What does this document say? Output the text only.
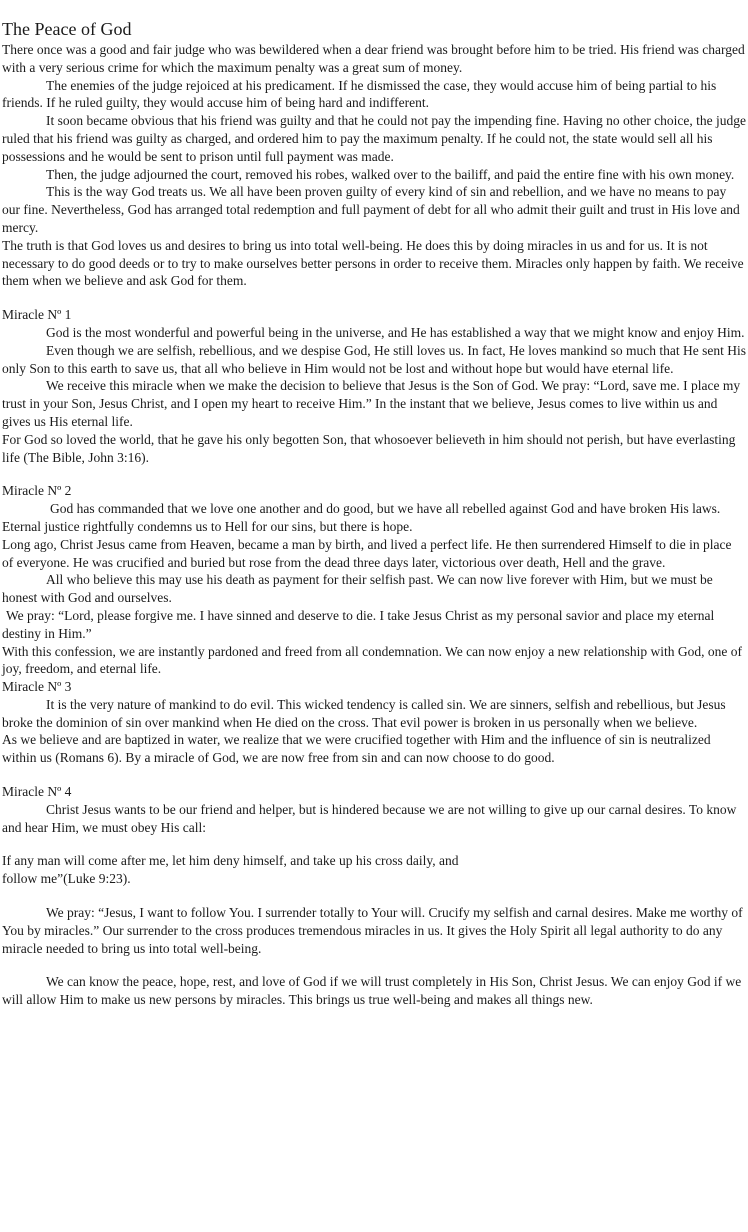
The Peace of God

There once was a good and fair judge who was bewildered when a dear friend was brought before him to be tried. His friend was charged with a very serious crime for which the maximum penalty was a great sum of money.

The enemies of the judge rejoiced at his predicament. If he dismissed the case, they would accuse him of being partial to his friends. If he ruled guilty, they would accuse him of being hard and indifferent.

It soon became obvious that his friend was guilty and that he could not pay the impending fine. Having no other choice, the judge ruled that his friend was guilty as charged, and ordered him to pay the maximum penalty. If he could not, the state would sell all his possessions and he would be sent to prison until full payment was made.

Then, the judge adjourned the court, removed his robes, walked over to the bailiff, and paid the entire fine with his own money.

This is the way God treats us. We all have been proven guilty of every kind of sin and rebellion, and we have no means to pay our fine. Nevertheless, God has arranged total redemption and full payment of debt for all who admit their guilt and trust in His love and mercy.

The truth is that God loves us and desires to bring us into total well-being. He does this by doing miracles in us and for us. It is not necessary to do good deeds or to try to make ourselves better persons in order to receive them. Miracles only happen by faith. We receive them when we believe and ask God for them.

Miracle Nº 1

God is the most wonderful and powerful being in the universe, and He has established a way that we might know and enjoy Him.

Even though we are selfish, rebellious, and we despise God, He still loves us. In fact, He loves mankind so much that He sent His only Son to this earth to save us, that all who believe in Him would not be lost and without hope but would have eternal life.

We receive this miracle when we make the decision to believe that Jesus is the Son of God. We pray: “Lord, save me. I place my trust in your Son, Jesus Christ, and I open my heart to receive Him.” In the instant that we believe, Jesus comes to live within us and gives us His eternal life.

For God so loved the world, that he gave his only begotten Son, that whosoever believeth in him should not perish, but have everlasting life (The Bible, John 3:16).

Miracle Nº 2

God has commanded that we love one another and do good, but we have all rebelled against God and have broken His laws. Eternal justice rightfully condemns us to Hell for our sins, but there is hope.

Long ago, Christ Jesus came from Heaven, became a man by birth, and lived a perfect life. He then surrendered Himself to die in place of everyone. He was crucified and buried but rose from the dead three days later, victorious over death, Hell and the grave.

All who believe this may use his death as payment for their selfish past. We can now live forever with Him, but we must be honest with God and ourselves.

We pray: “Lord, please forgive me. I have sinned and deserve to die. I take Jesus Christ as my personal savior and place my eternal destiny in Him.”

With this confession, we are instantly pardoned and freed from all condemnation. We can now enjoy a new relationship with God, one of joy, freedom, and eternal life.

Miracle Nº 3

It is the very nature of mankind to do evil. This wicked tendency is called sin. We are sinners, selfish and rebellious, but Jesus broke the dominion of sin over mankind when He died on the cross. That evil power is broken in us personally when we believe.

As we believe and are baptized in water, we realize that we were crucified together with Him and the influence of sin is neutralized within us (Romans 6). By a miracle of God, we are now free from sin and can now choose to do good.

Miracle Nº 4

Christ Jesus wants to be our friend and helper, but is hindered because we are not willing to give up our carnal desires. To know and hear Him, we must obey His call:

If any man will come after me, let him deny himself, and take up his cross daily, and

follow me”(Luke 9:23).

We pray: “Jesus, I want to follow You. I surrender totally to Your will. Crucify my selfish and carnal desires. Make me worthy of You by miracles.” Our surrender to the cross produces tremendous miracles in us. It gives the Holy Spirit all legal authority to do any miracle needed to bring us into total well-being.

We can know the peace, hope, rest, and love of God if we will trust completely in His Son, Christ Jesus. We can enjoy God if we will allow Him to make us new persons by miracles. This brings us true well-being and makes all things new.
